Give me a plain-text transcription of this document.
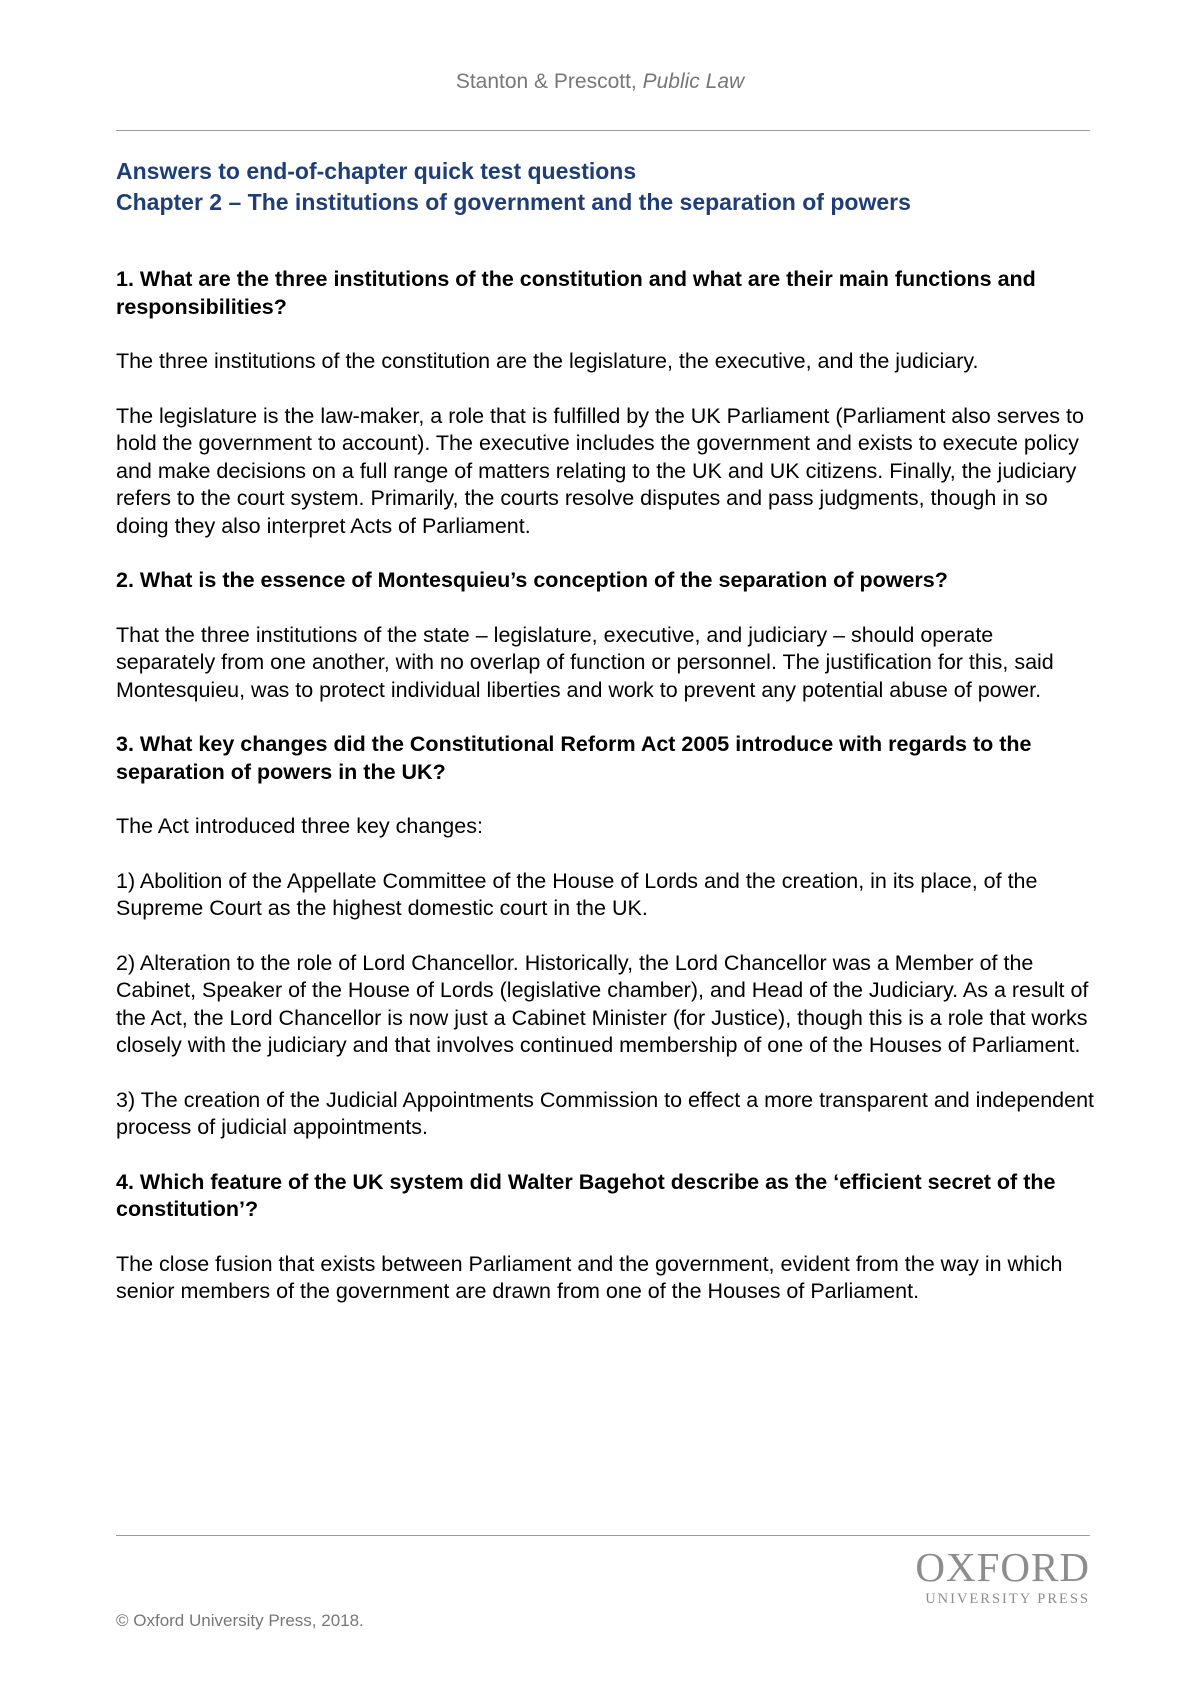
Stanton & Prescott, Public Law
Answers to end-of-chapter quick test questions
Chapter 2 – The institutions of government and the separation of powers
1. What are the three institutions of the constitution and what are their main functions and responsibilities?
The three institutions of the constitution are the legislature, the executive, and the judiciary.
The legislature is the law-maker, a role that is fulfilled by the UK Parliament (Parliament also serves to hold the government to account). The executive includes the government and exists to execute policy and make decisions on a full range of matters relating to the UK and UK citizens. Finally, the judiciary refers to the court system. Primarily, the courts resolve disputes and pass judgments, though in so doing they also interpret Acts of Parliament.
2. What is the essence of Montesquieu’s conception of the separation of powers?
That the three institutions of the state – legislature, executive, and judiciary – should operate separately from one another, with no overlap of function or personnel. The justification for this, said Montesquieu, was to protect individual liberties and work to prevent any potential abuse of power.
3. What key changes did the Constitutional Reform Act 2005 introduce with regards to the separation of powers in the UK?
The Act introduced three key changes:
1) Abolition of the Appellate Committee of the House of Lords and the creation, in its place, of the Supreme Court as the highest domestic court in the UK.
2) Alteration to the role of Lord Chancellor. Historically, the Lord Chancellor was a Member of the Cabinet, Speaker of the House of Lords (legislative chamber), and Head of the Judiciary. As a result of the Act, the Lord Chancellor is now just a Cabinet Minister (for Justice), though this is a role that works closely with the judiciary and that involves continued membership of one of the Houses of Parliament.
3) The creation of the Judicial Appointments Commission to effect a more transparent and independent process of judicial appointments.
4. Which feature of the UK system did Walter Bagehot describe as the ‘efficient secret of the constitution’?
The close fusion that exists between Parliament and the government, evident from the way in which senior members of the government are drawn from one of the Houses of Parliament.
OXFORD
UNIVERSITY PRESS
© Oxford University Press, 2018.
